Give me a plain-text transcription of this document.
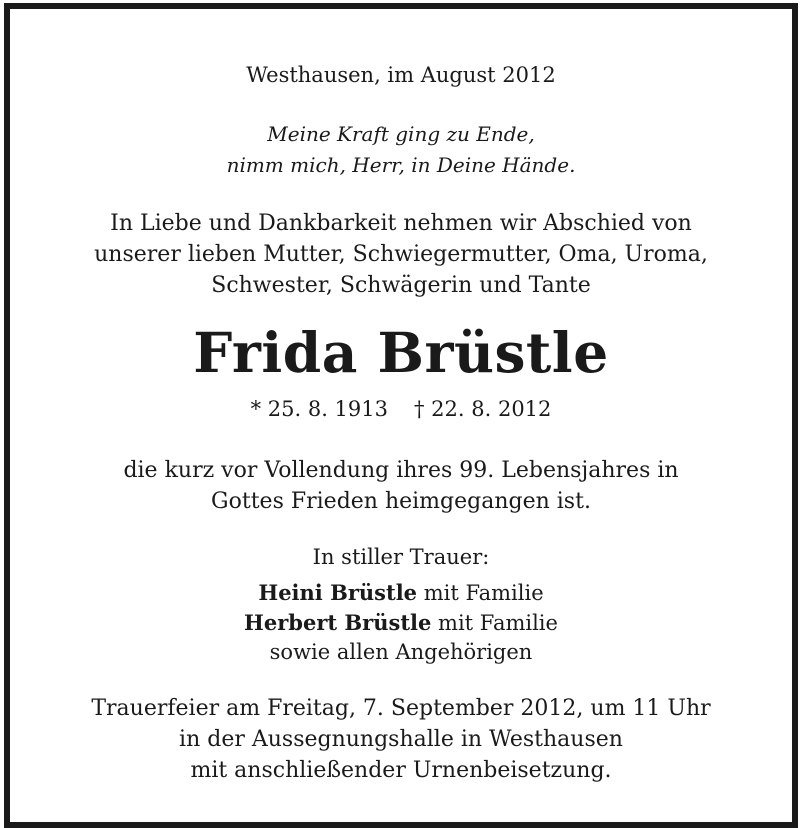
Westhausen, im August 2012
Meine Kraft ging zu Ende,
nimm mich, Herr, in Deine Hände.
In Liebe und Dankbarkeit nehmen wir Abschied von
unserer lieben Mutter, Schwiegermutter, Oma, Uroma,
Schwester, Schwägerin und Tante
Frida Brüstle
* 25. 8. 1913 † 22. 8. 2012
die kurz vor Vollendung ihres 99. Lebensjahres in
Gottes Frieden heimgegangen ist.
In stiller Trauer:
Heini Brüstle mit Familie
Herbert Brüstle mit Familie
sowie allen Angehörigen
Trauerfeier am Freitag, 7. September 2012, um 11 Uhr
in der Aussegnungshalle in Westhausen
mit anschließender Urnenbeisetzung.
